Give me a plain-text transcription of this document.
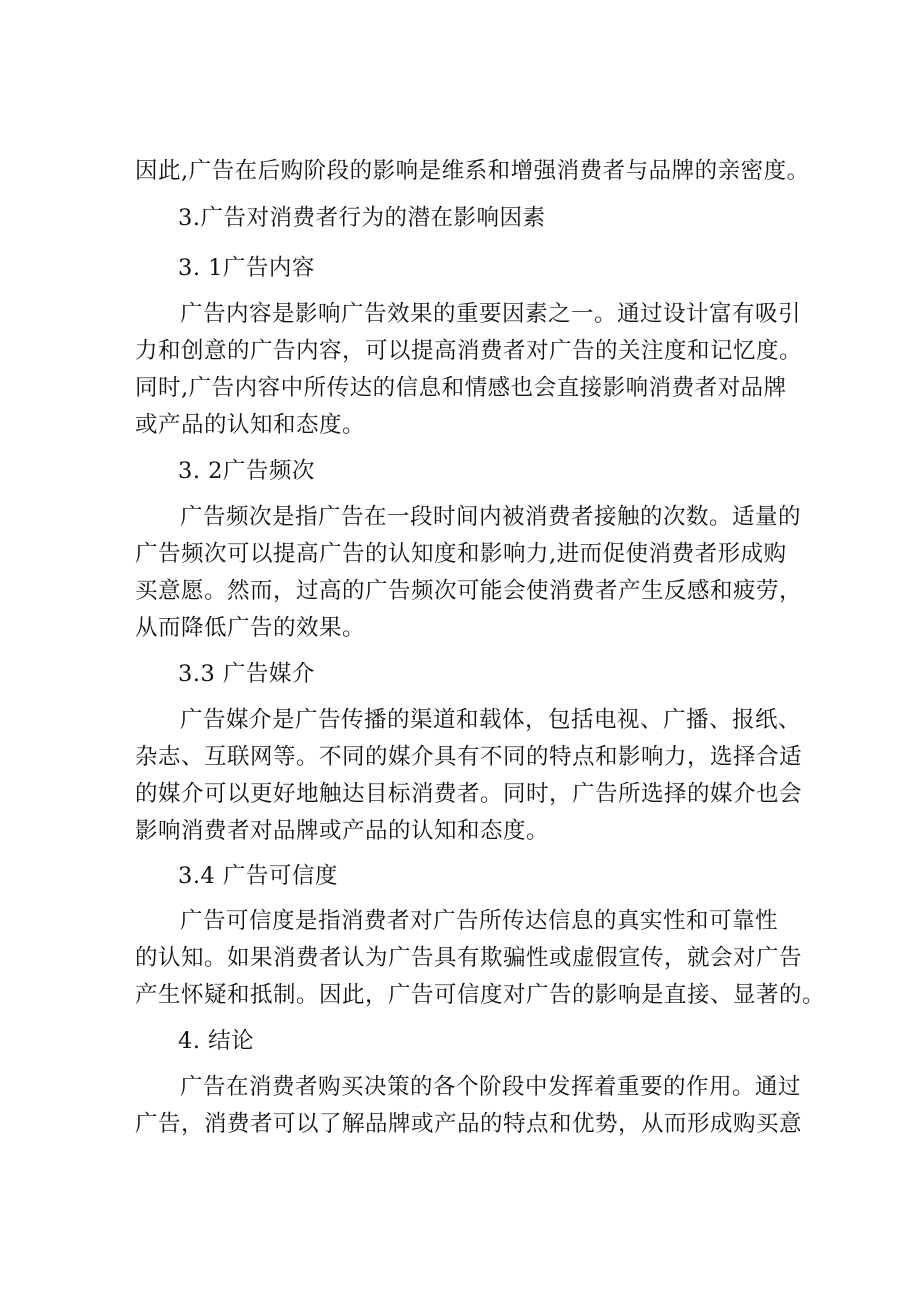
因此,广告在后购阶段的影响是维系和增强消费者与品牌的亲密度。
3.广告对消费者行为的潜在影响因素
3. 1广告内容
广告内容是影响广告效果的重要因素之一。通过设计富有吸引
力和创意的广告内容，可以提高消费者对广告的关注度和记忆度。
同时,广告内容中所传达的信息和情感也会直接影响消费者对品牌
或产品的认知和态度。
3. 2广告频次
广告频次是指广告在一段时间内被消费者接触的次数。适量的
广告频次可以提高广告的认知度和影响力,进而促使消费者形成购
买意愿。然而，过高的广告频次可能会使消费者产生反感和疲劳，
从而降低广告的效果。
3.3 广告媒介
广告媒介是广告传播的渠道和载体，包括电视、广播、报纸、
杂志、互联网等。不同的媒介具有不同的特点和影响力，选择合适
的媒介可以更好地触达目标消费者。同时，广告所选择的媒介也会
影响消费者对品牌或产品的认知和态度。
3.4 广告可信度
广告可信度是指消费者对广告所传达信息的真实性和可靠性
的认知。如果消费者认为广告具有欺骗性或虚假宣传，就会对广告
产生怀疑和抵制。因此，广告可信度对广告的影响是直接、显著的。
4. 结论
广告在消费者购买决策的各个阶段中发挥着重要的作用。通过
广告，消费者可以了解品牌或产品的特点和优势，从而形成购买意
